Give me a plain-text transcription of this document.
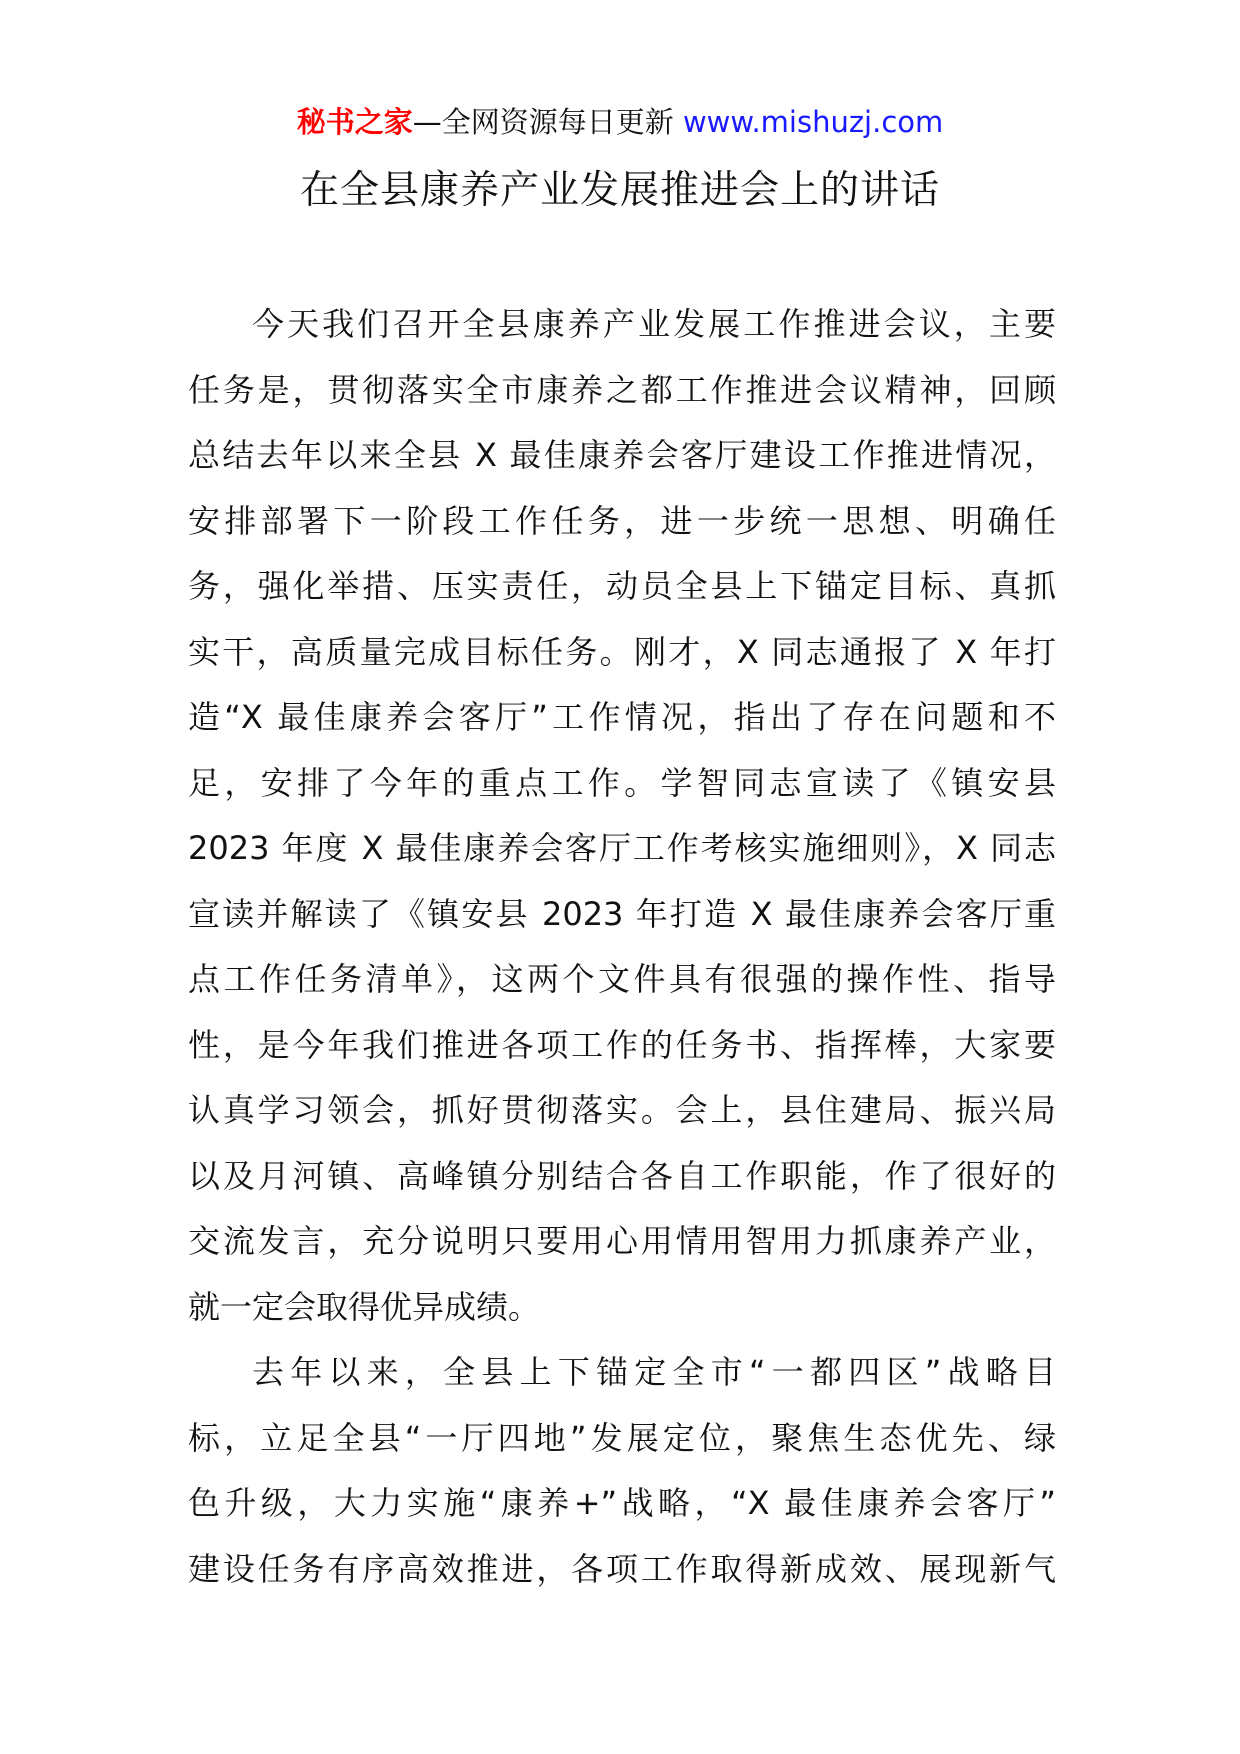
秘书之家—全网资源每日更新 www.mishuzj.com
在全县康养产业发展推进会上的讲话

今天我们召开全县康养产业发展工作推进会议，主要
任务是，贯彻落实全市康养之都工作推进会议精神，回顾
总结去年以来全县 X 最佳康养会客厅建设工作推进情况，
安排部署下一阶段工作任务，进一步统一思想、明确任
务，强化举措、压实责任，动员全县上下锚定目标、真抓
实干，高质量完成目标任务。刚才，X 同志通报了 X 年打
造“X 最佳康养会客厅”工作情况，指出了存在问题和不
足，安排了今年的重点工作。学智同志宣读了《镇安县
2023 年度 X 最佳康养会客厅工作考核实施细则》，X 同志
宣读并解读了《镇安县 2023 年打造 X 最佳康养会客厅重
点工作任务清单》，这两个文件具有很强的操作性、指导
性，是今年我们推进各项工作的任务书、指挥棒，大家要
认真学习领会，抓好贯彻落实。会上，县住建局、振兴局
以及月河镇、高峰镇分别结合各自工作职能，作了很好的
交流发言，充分说明只要用心用情用智用力抓康养产业，
就一定会取得优异成绩。

去年以来，全县上下锚定全市“一都四区”战略目
标，立足全县“一厅四地”发展定位，聚焦生态优先、绿
色升级，大力实施“康养+”战略，“X 最佳康养会客厅”
建设任务有序高效推进，各项工作取得新成效、展现新气
